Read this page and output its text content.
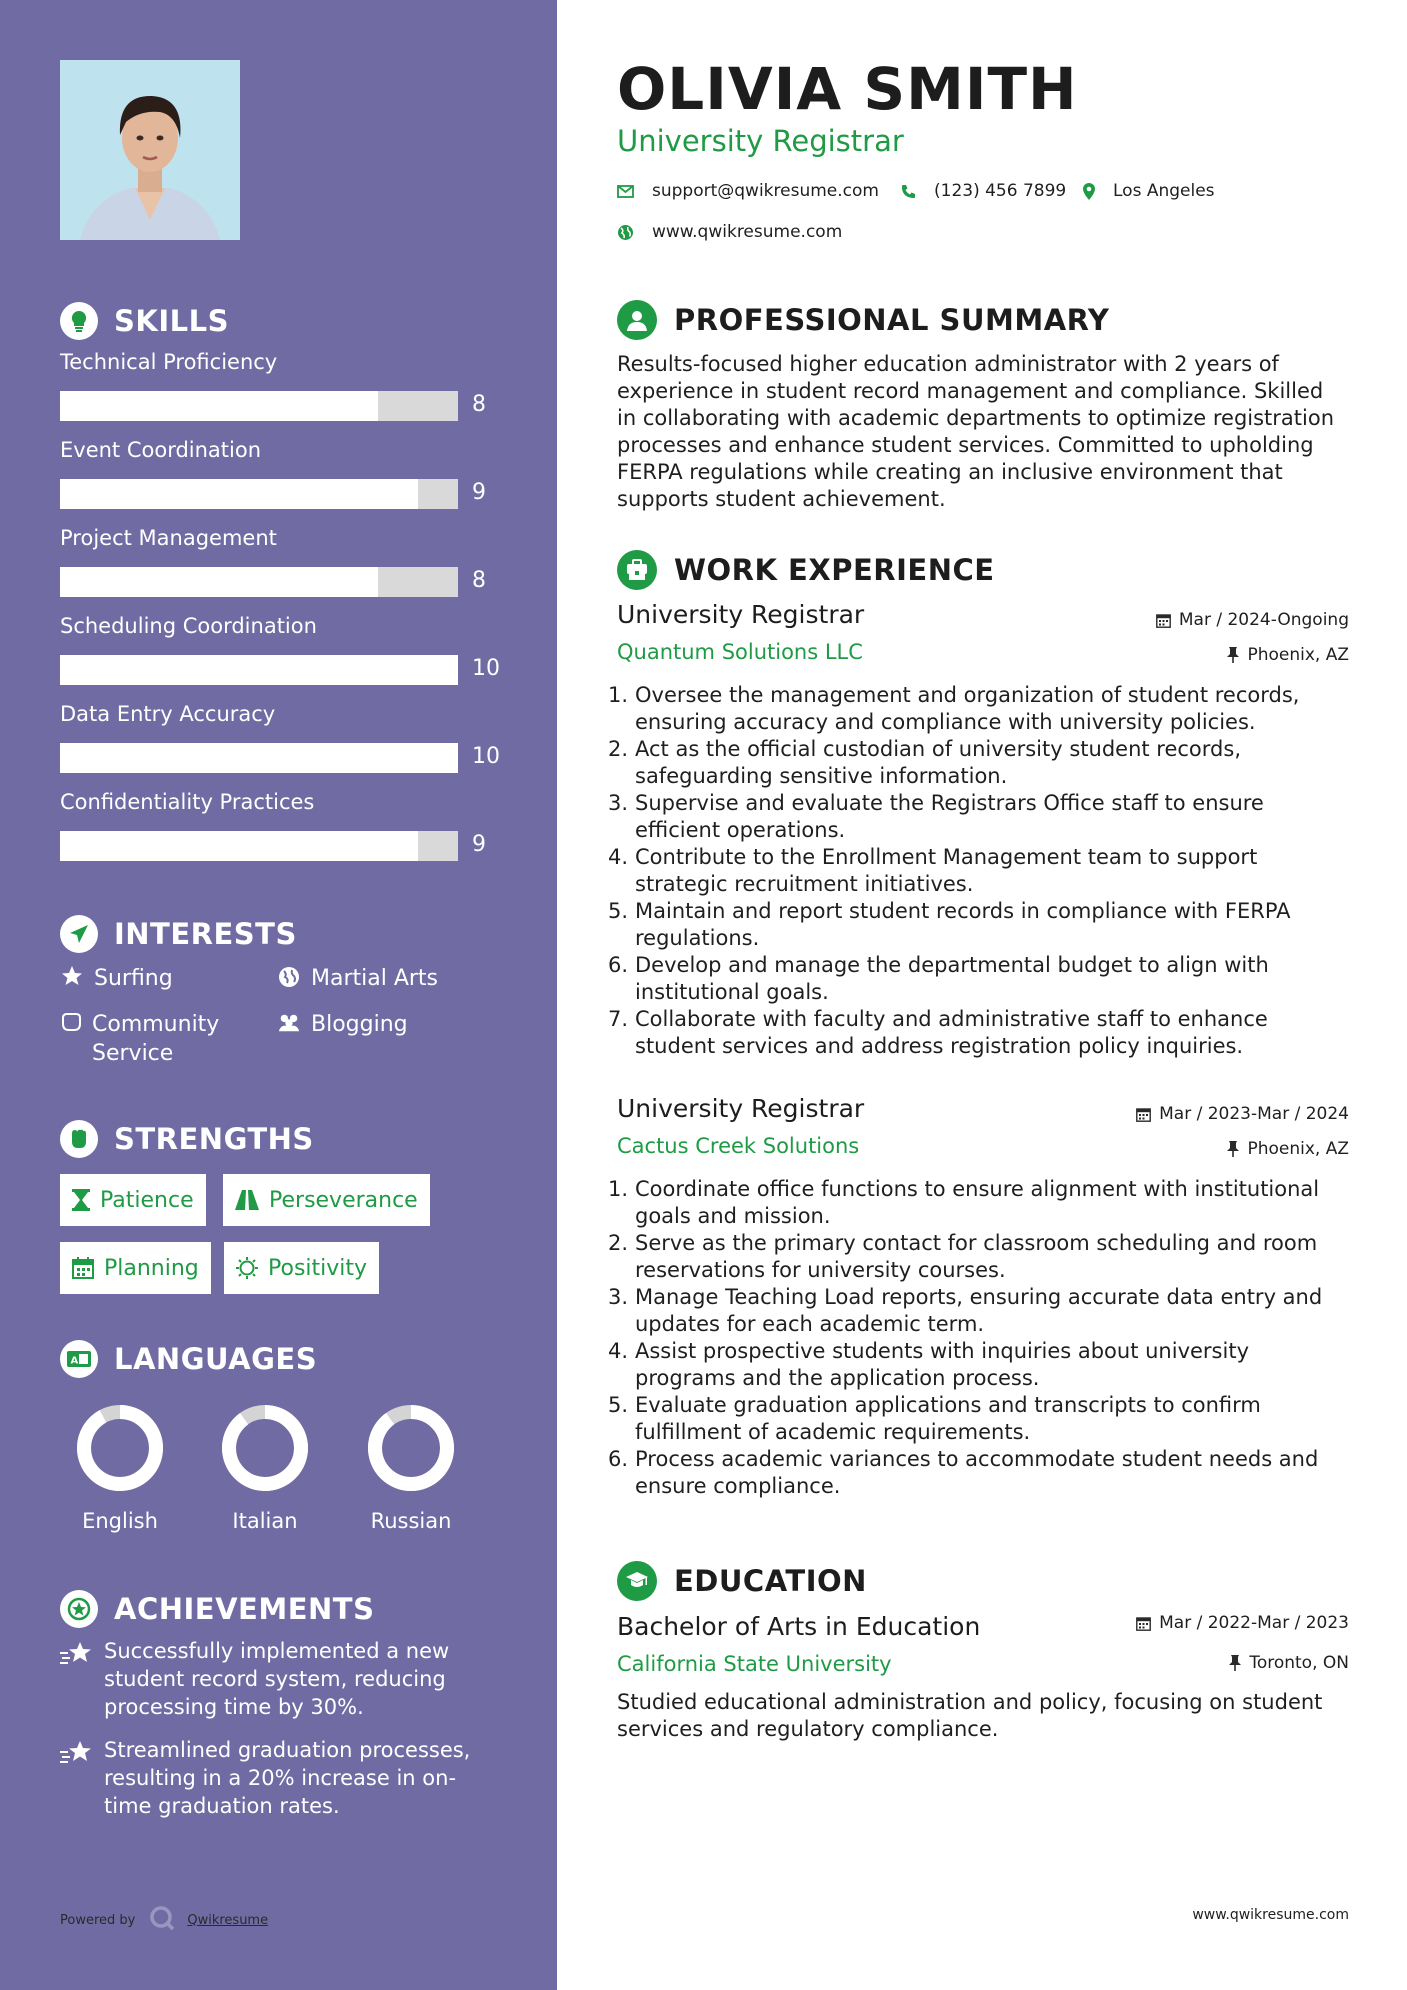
SKILLS
Technical Proficiency
8
Event Coordination
9
Project Management
8
Scheduling Coordination
10
Data Entry Accuracy
10
Confidentiality Practices
9
INTERESTS
Surfing	Martial Arts
Community Service
Blogging
STRENGTHS
Patience	Perseverance
Planning	Positivity
A LANGUAGES
English	Italian	Russian
ACHIEVEMENTS
Successfully implemented a new student record system, reducing processing time by 30%.
Streamlined graduation processes, resulting in a 20% increase in on-time graduation rates.
Powered by	Qwikresume
OLIVIA SMITH
University Registrar
support@qwikresume.com	(123) 456 7899	Los Angeles
www.qwikresume.com
PROFESSIONAL SUMMARY
Results-focused higher education administrator with 2 years of experience in student record management and compliance. Skilled in collaborating with academic departments to optimize registration processes and enhance student services. Committed to upholding FERPA regulations while creating an inclusive environment that supports student achievement.
WORK EXPERIENCE
University Registrar
Quantum Solutions LLC
Mar / 2024-Ongoing
Phoenix, AZ
1. Oversee the management and organization of student records, ensuring accuracy and compliance with university policies.
2. Act as the official custodian of university student records, safeguarding sensitive information.
3. Supervise and evaluate the Registrars Office staff to ensure efficient operations.
4. Contribute to the Enrollment Management team to support strategic recruitment initiatives.
5. Maintain and report student records in compliance with FERPA regulations.
6. Develop and manage the departmental budget to align with institutional goals.
7. Collaborate with faculty and administrative staff to enhance student services and address registration policy inquiries.
University Registrar
Cactus Creek Solutions
Mar / 2023-Mar / 2024
Phoenix, AZ
1. Coordinate office functions to ensure alignment with institutional goals and mission.
2. Serve as the primary contact for classroom scheduling and room reservations for university courses.
3. Manage Teaching Load reports, ensuring accurate data entry and updates for each academic term.
4. Assist prospective students with inquiries about university programs and the application process.
5. Evaluate graduation applications and transcripts to confirm fulfillment of academic requirements.
6. Process academic variances to accommodate student needs and ensure compliance.
EDUCATION
Bachelor of Arts in Education
California State University
Mar / 2022-Mar / 2023
Toronto, ON
Studied educational administration and policy, focusing on student services and regulatory compliance.
www.qwikresume.com
